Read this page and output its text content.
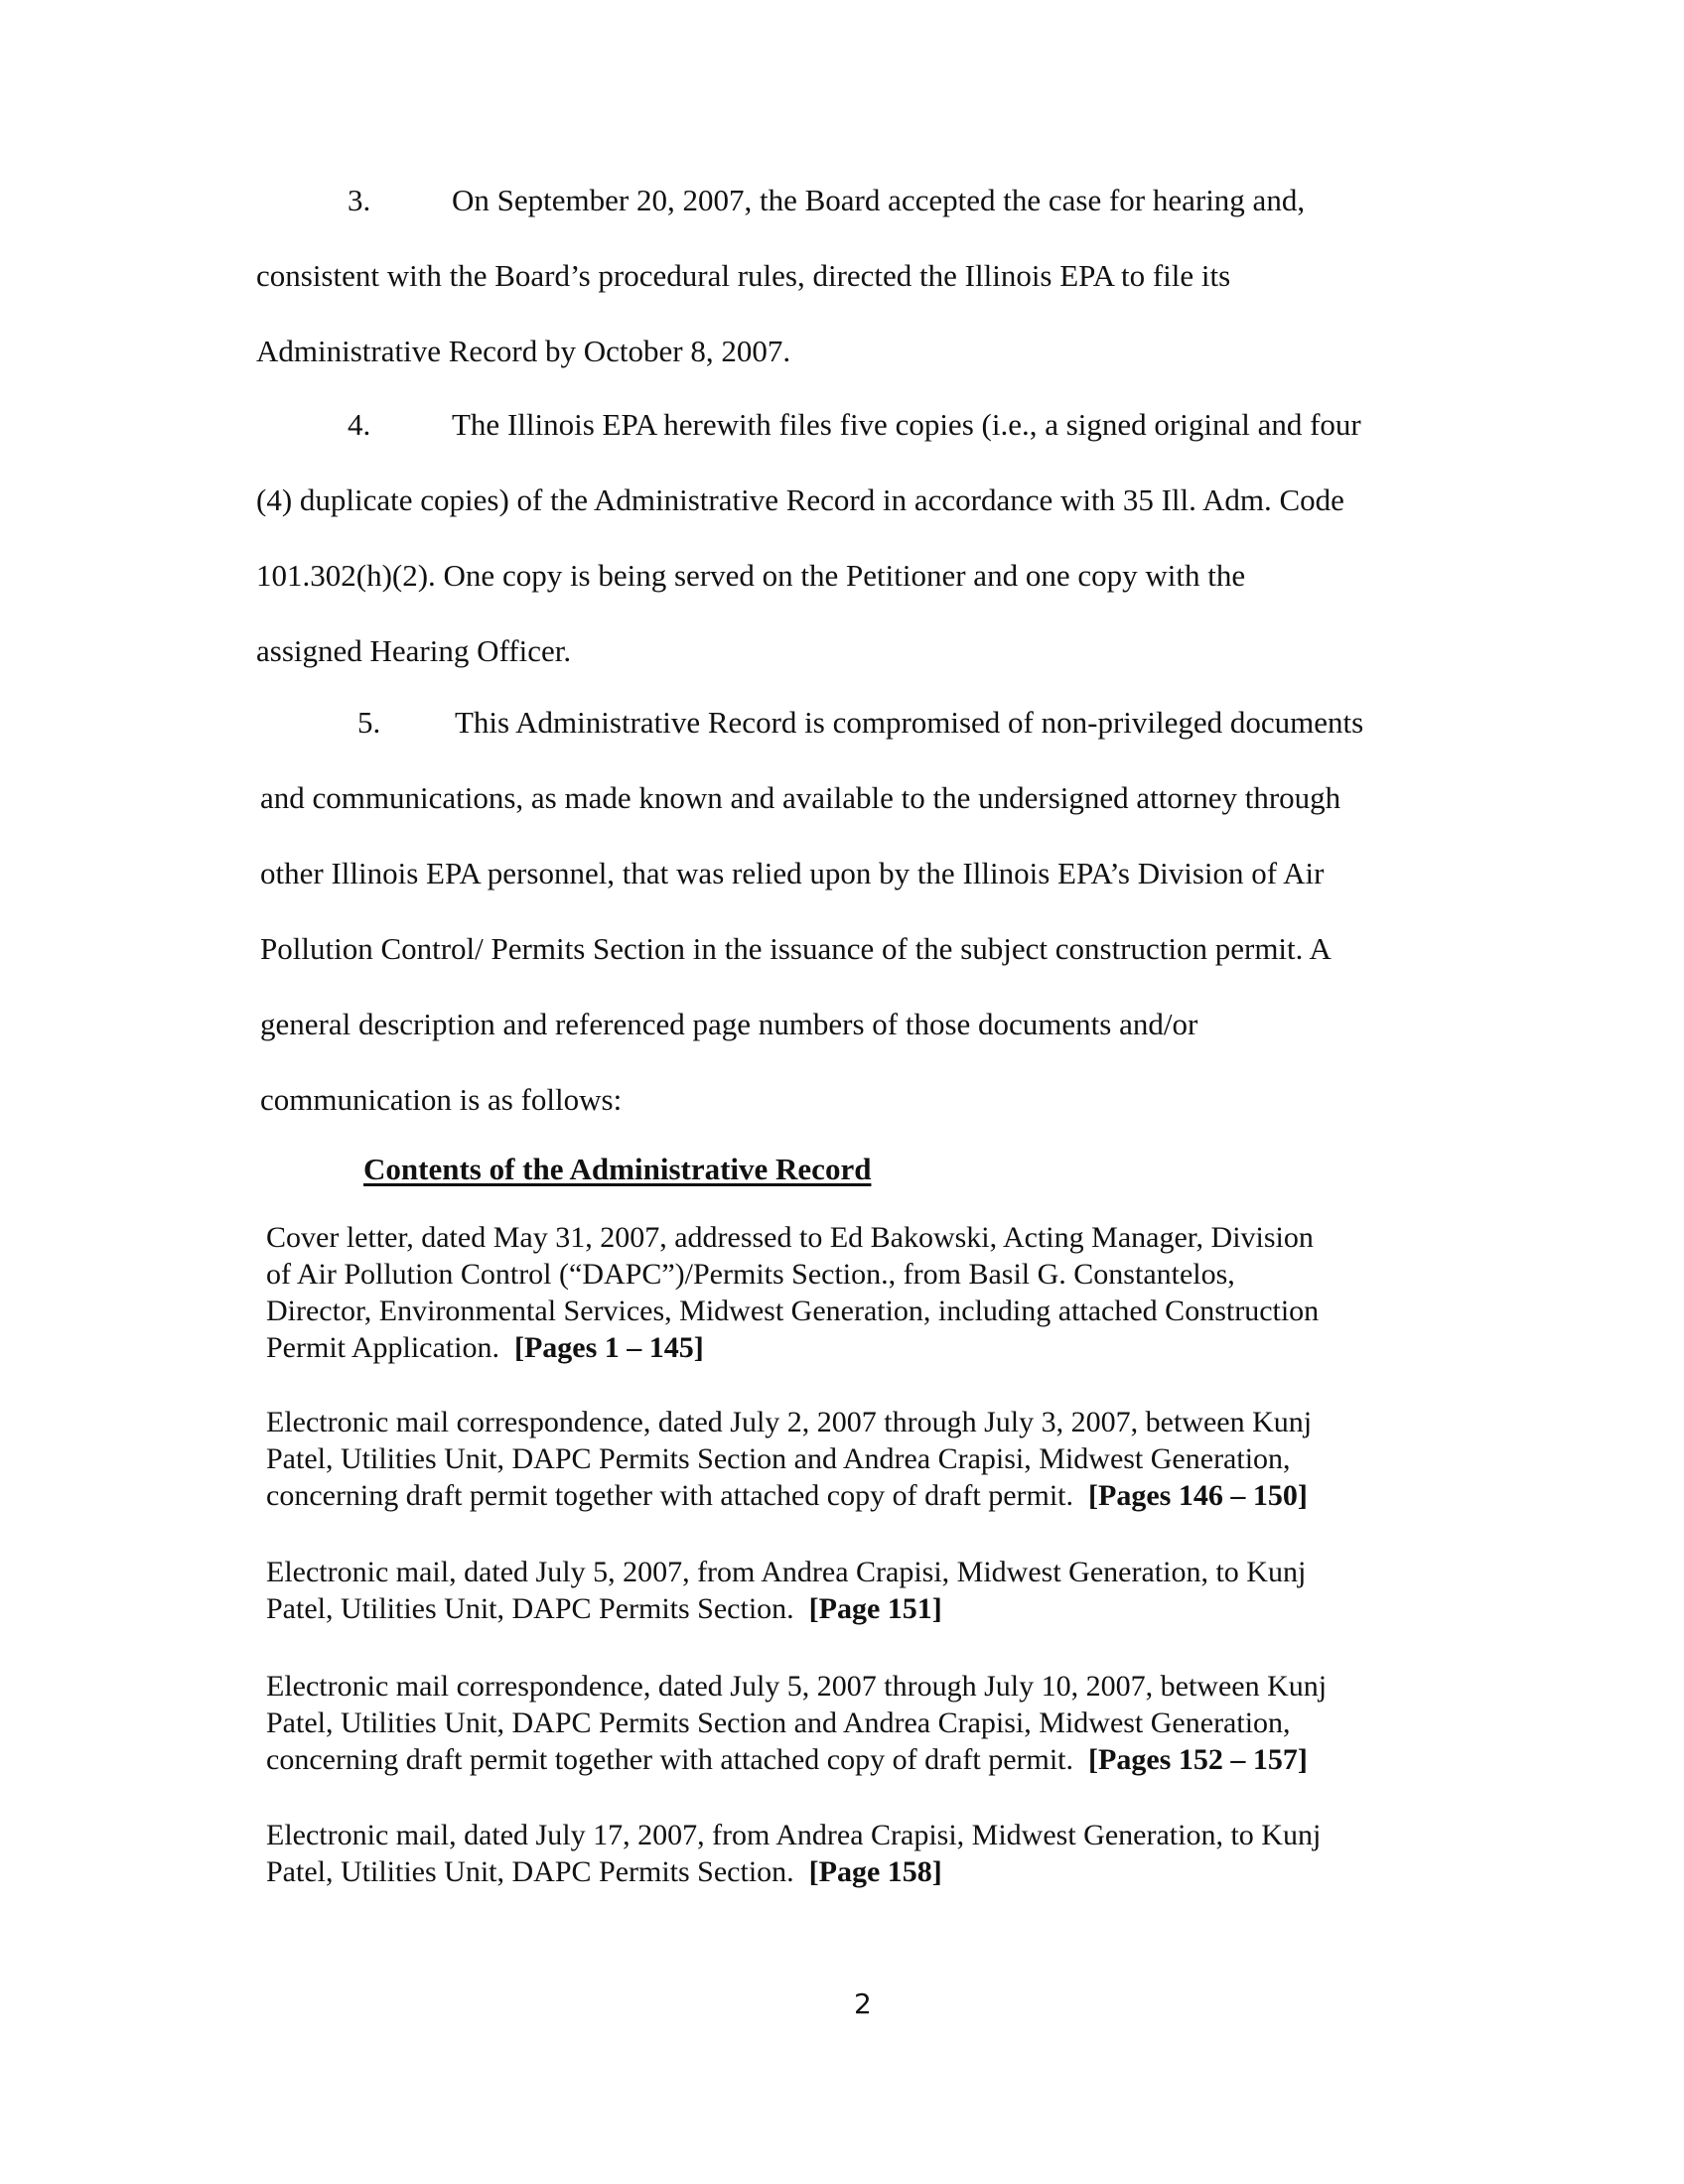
3.	On September 20, 2007, the Board accepted the case for hearing and,
consistent with the Board’s procedural rules, directed the Illinois EPA to file its
Administrative Record by October 8, 2007.
4.	The Illinois EPA herewith files five copies (i.e., a signed original and four
(4) duplicate copies) of the Administrative Record in accordance with 35 Ill. Adm. Code
101.302(h)(2). One copy is being served on the Petitioner and one copy with the
assigned Hearing Officer.
5. This Administrative Record is compromised of non-privileged documents
and communications, as made known and available to the undersigned attorney through
other Illinois EPA personnel, that was relied upon by the Illinois EPA’s Division of Air
Pollution Control/ Permits Section in the issuance of the subject construction permit. A
general description and referenced page numbers of those documents and/or
communication is as follows:
Contents of the Administrative Record
Cover letter, dated May 31, 2007, addressed to Ed Bakowski, Acting Manager, Division
of Air Pollution Control (“DAPC”)/Permits Section., from Basil G. Constantelos,
Director, Environmental Services, Midwest Generation, including attached Construction
Permit Application. [Pages 1 – 145]
Electronic mail correspondence, dated July 2, 2007 through July 3, 2007, between Kunj
Patel, Utilities Unit, DAPC Permits Section and Andrea Crapisi, Midwest Generation,
concerning draft permit together with attached copy of draft permit. [Pages 146 – 150]
Electronic mail, dated July 5, 2007, from Andrea Crapisi, Midwest Generation, to Kunj
Patel, Utilities Unit, DAPC Permits Section. [Page 151]
Electronic mail correspondence, dated July 5, 2007 through July 10, 2007, between Kunj
Patel, Utilities Unit, DAPC Permits Section and Andrea Crapisi, Midwest Generation,
concerning draft permit together with attached copy of draft permit. [Pages 152 – 157]
Electronic mail, dated July 17, 2007, from Andrea Crapisi, Midwest Generation, to Kunj
Patel, Utilities Unit, DAPC Permits Section. [Page 158]
2
